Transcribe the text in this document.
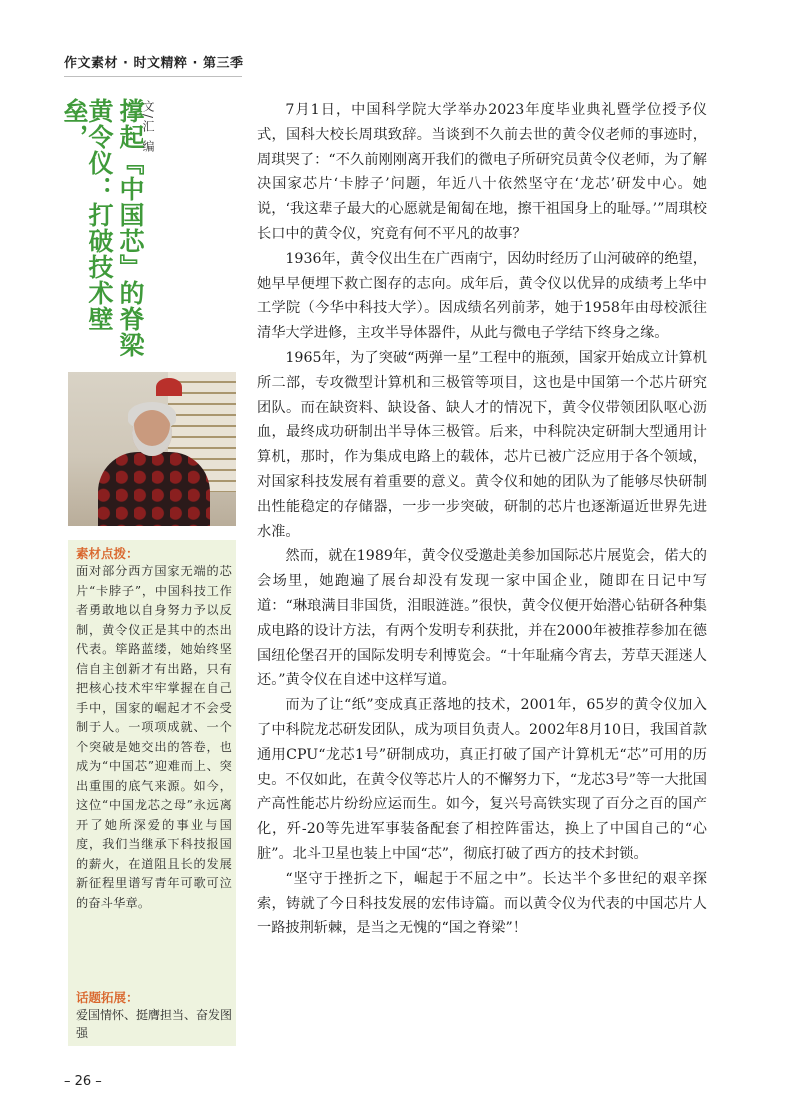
作文素材 · 时文精粹 · 第三季
撑起『中国芯』的脊梁
黄令仪：打破技术壁垒，	文/汇 编
素材点拨：
面对部分西方国家无端的芯片“卡脖子”，中国科技工作者勇敢地以自身努力予以反制，黄令仪正是其中的杰出代表。筚路蓝缕，她始终坚信自主创新才有出路，只有把核心技术牢牢掌握在自己手中，国家的崛起才不会受制于人。一项项成就、一个个突破是她交出的答卷，也成为“中国芯”迎难而上、突出重围的底气来源。如今，这位“中国龙芯之母”永远离开了她所深爱的事业与国度，我们当继承下科技报国的薪火，在道阻且长的发展新征程里谱写青年可歌可泣的奋斗华章。
话题拓展：
爱国情怀、挺膺担当、奋发图强

7月1日，中国科学院大学举办2023年度毕业典礼暨学位授予仪式，国科大校长周琪致辞。当谈到不久前去世的黄令仪老师的事迹时，周琪哭了：“不久前刚刚离开我们的微电子所研究员黄令仪老师，为了解决国家芯片‘卡脖子’问题，年近八十依然坚守在‘龙芯’研发中心。她说，‘我这辈子最大的心愿就是匍匐在地，擦干祖国身上的耻辱。’”周琪校长口中的黄令仪，究竟有何不平凡的故事？

1936年，黄令仪出生在广西南宁，因幼时经历了山河破碎的绝望，她早早便埋下救亡图存的志向。成年后，黄令仪以优异的成绩考上华中工学院（今华中科技大学）。因成绩名列前茅，她于1958年由母校派往清华大学进修，主攻半导体器件，从此与微电子学结下终身之缘。

1965年，为了突破“两弹一星”工程中的瓶颈，国家开始成立计算机所二部，专攻微型计算机和三极管等项目，这也是中国第一个芯片研究团队。而在缺资料、缺设备、缺人才的情况下，黄令仪带领团队呕心沥血，最终成功研制出半导体三极管。后来，中科院决定研制大型通用计算机，那时，作为集成电路上的载体，芯片已被广泛应用于各个领域，对国家科技发展有着重要的意义。黄令仪和她的团队为了能够尽快研制出性能稳定的存储器，一步一步突破，研制的芯片也逐渐逼近世界先进水准。

然而，就在1989年，黄令仪受邀赴美参加国际芯片展览会，偌大的会场里，她跑遍了展台却没有发现一家中国企业，随即在日记中写道：“琳琅满目非国货，泪眼涟涟。”很快，黄令仪便开始潜心钻研各种集成电路的设计方法，有两个发明专利获批，并在2000年被推荐参加在德国纽伦堡召开的国际发明专利博览会。“十年耻痛今宵去，芳草天涯迷人还。”黄令仪在自述中这样写道。

而为了让“纸”变成真正落地的技术，2001年，65岁的黄令仪加入了中科院龙芯研发团队，成为项目负责人。2002年8月10日，我国首款通用CPU“龙芯1号”研制成功，真正打破了国产计算机无“芯”可用的历史。不仅如此，在黄令仪等芯片人的不懈努力下，“龙芯3号”等一大批国产高性能芯片纷纷应运而生。如今，复兴号高铁实现了百分之百的国产化，歼-20等先进军事装备配套了相控阵雷达，换上了中国自己的“心脏”。北斗卫星也装上中国“芯”，彻底打破了西方的技术封锁。

“坚守于挫折之下，崛起于不屈之中”。长达半个多世纪的艰辛探索，铸就了今日科技发展的宏伟诗篇。而以黄令仪为代表的中国芯片人一路披荆斩棘，是当之无愧的“国之脊梁”！

– 26 –
